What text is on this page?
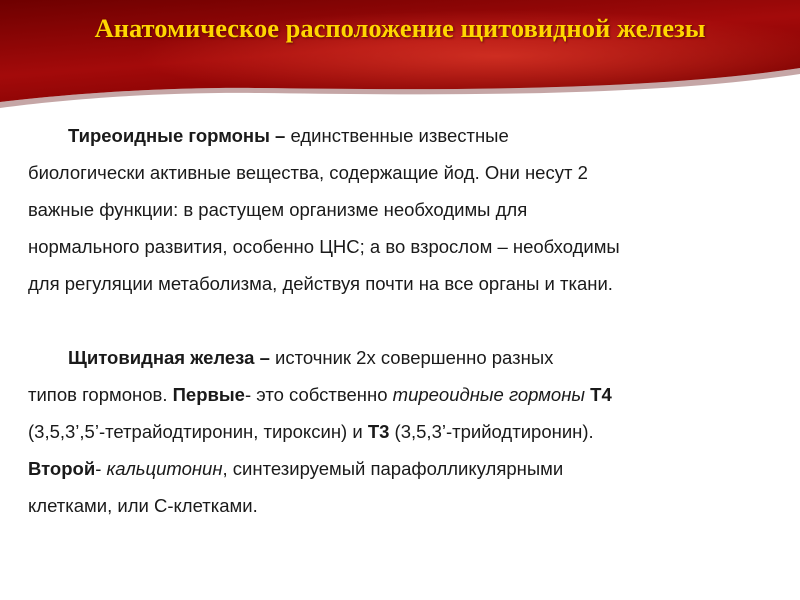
Анатомическое расположение щитовидной железы
Тиреоидные гормоны – единственные известные
биологически активные вещества, содержащие йод. Они несут 2
важные функции: в растущем организме необходимы для
нормального развития, особенно ЦНС; а во взрослом – необходимы
для регуляции метаболизма, действуя почти на все органы и ткани.
Щитовидная железа – источник 2х совершенно разных
типов гормонов. Первые- это собственно тиреоидные гормоны Т4
(3,5,3’,5’-тетрайодтиронин, тироксин) и Т3 (3,5,3’-трийодтиронин).
Второй- кальцитонин, синтезируемый парафолликулярными
клетками, или С-клетками.
